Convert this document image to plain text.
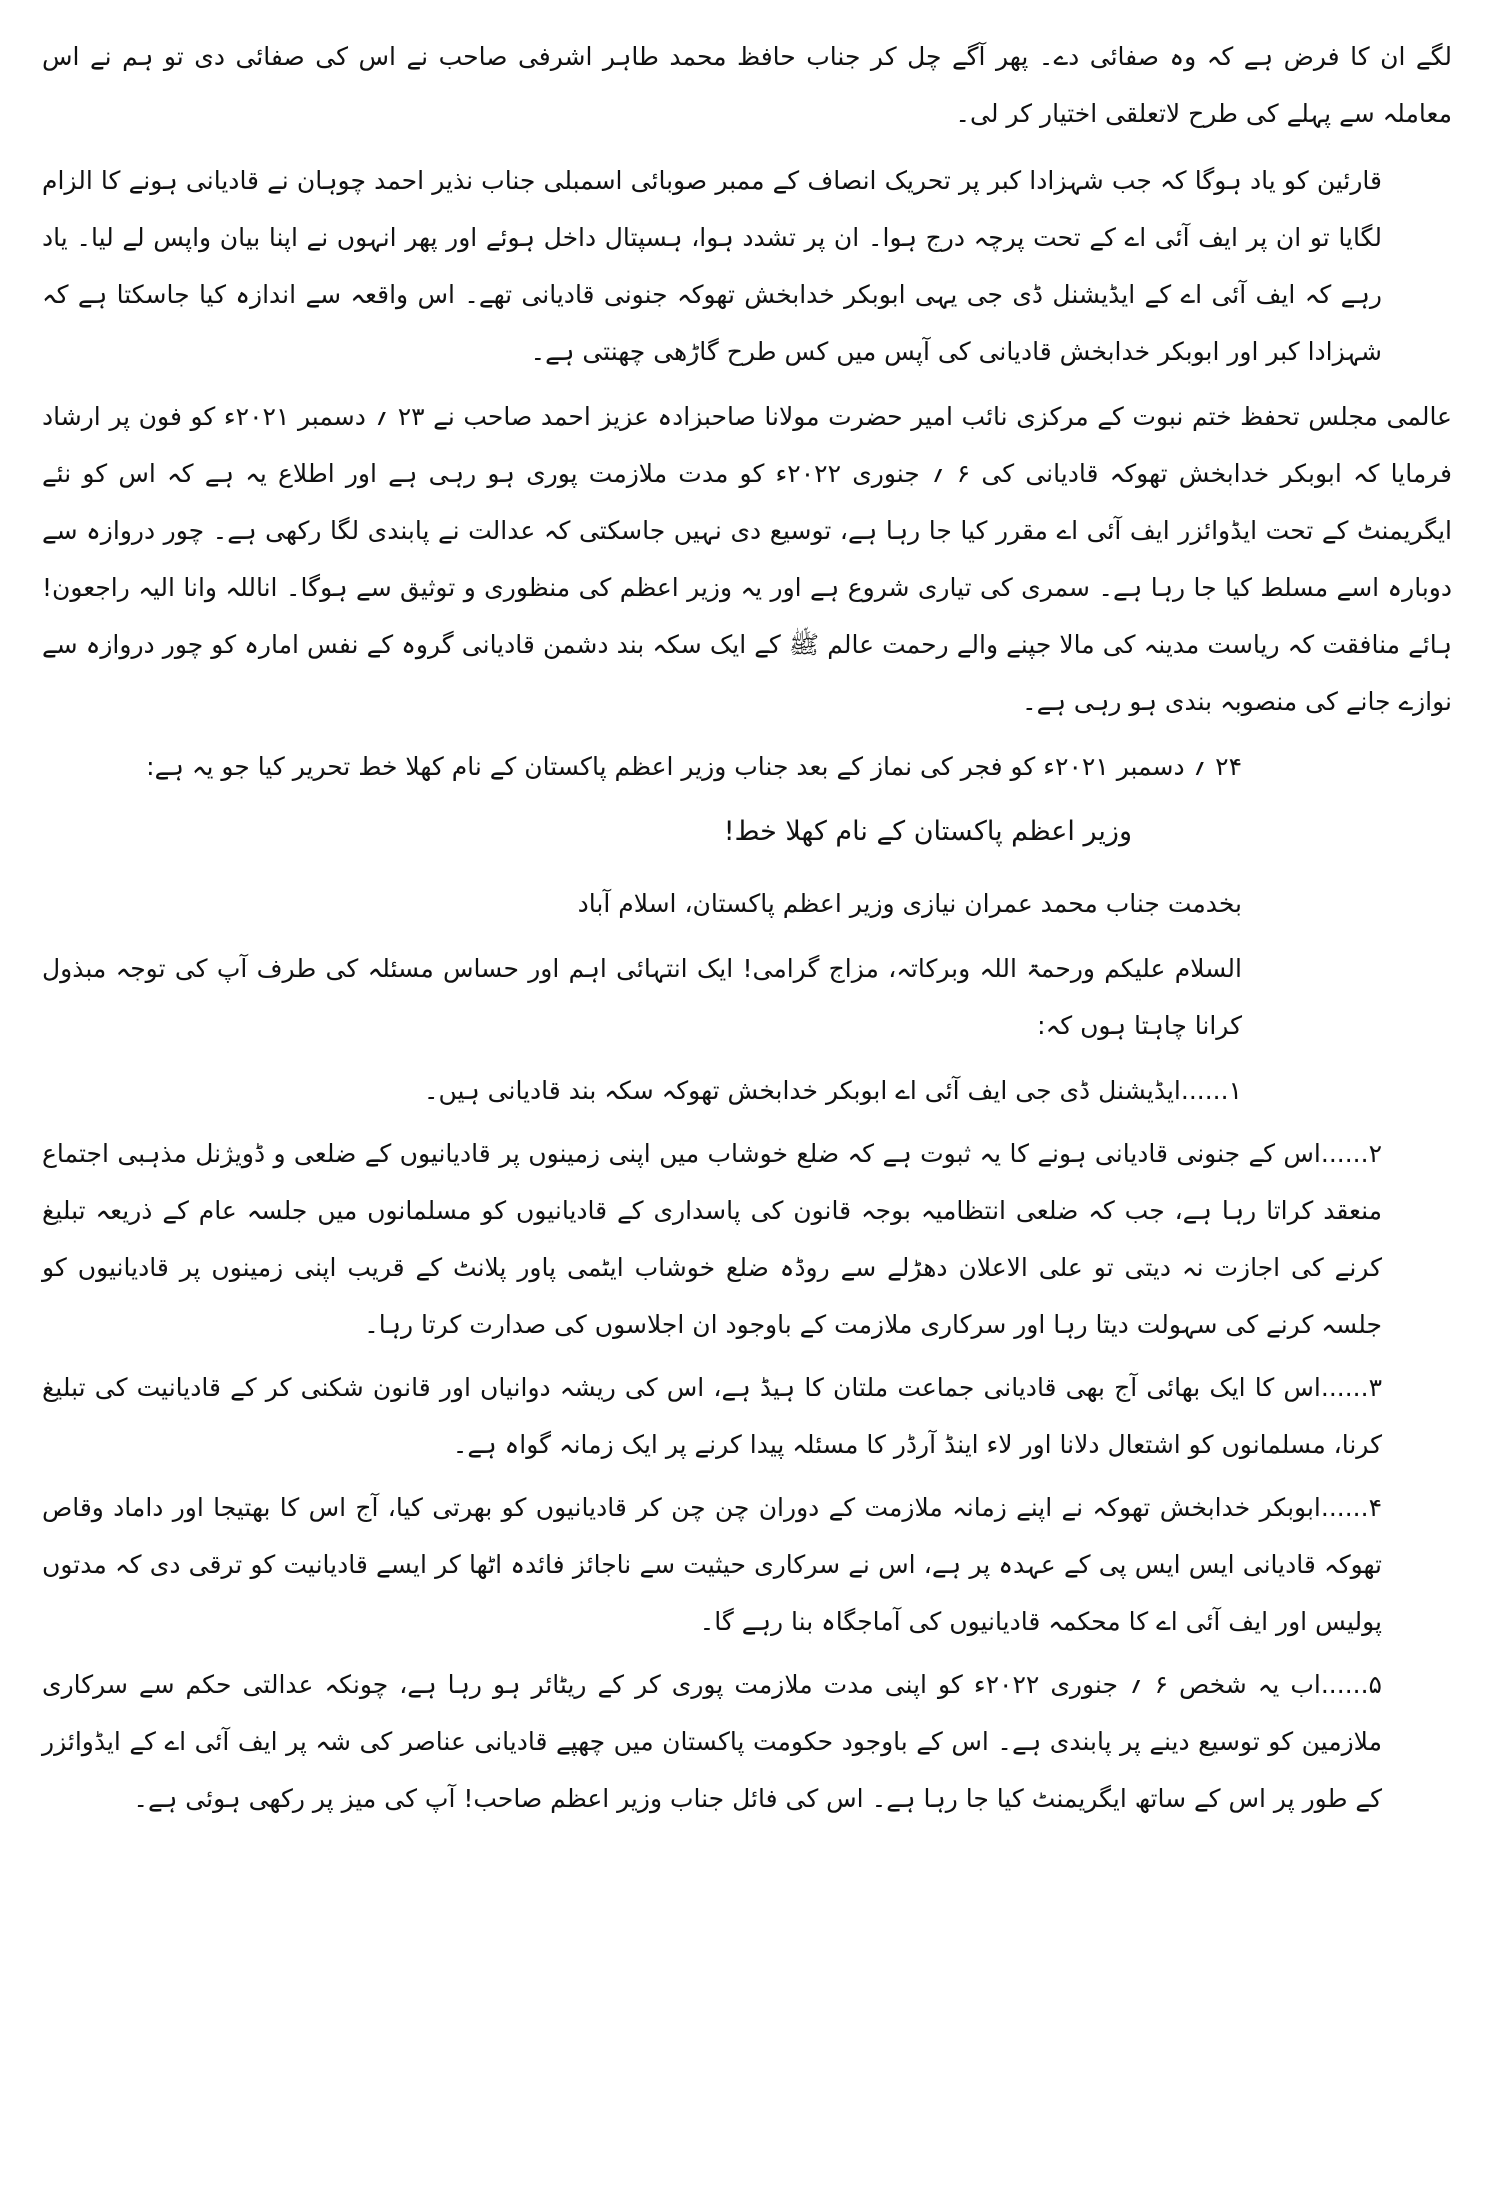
لگے ان کا فرض ہے کہ وہ صفائی دے۔ پھر آگے چل کر جناب حافظ محمد طاہر اشرفی صاحب نے اس کی صفائی دی تو ہم نے اس معاملہ سے پہلے کی طرح لاتعلقی اختیار کر لی۔

قارئین کو یاد ہوگا کہ جب شہزادا کبر پر تحریک انصاف کے ممبر صوبائی اسمبلی جناب نذیر احمد چوہان نے قادیانی ہونے کا الزام لگایا تو ان پر ایف آئی اے کے تحت پرچہ درج ہوا۔ ان پر تشدد ہوا، ہسپتال داخل ہوئے اور پھر انہوں نے اپنا بیان واپس لے لیا۔ یاد رہے کہ ایف آئی اے کے ایڈیشنل ڈی جی یہی ابوبکر خدابخش تھوکہ جنونی قادیانی تھے۔ اس واقعہ سے اندازہ کیا جاسکتا ہے کہ شہزادا کبر اور ابوبکر خدابخش قادیانی کی آپس میں کس طرح گاڑھی چھنتی ہے۔

عالمی مجلس تحفظ ختم نبوت کے مرکزی نائب امیر حضرت مولانا صاحبزادہ عزیز احمد صاحب نے ۲۳ ؍ دسمبر ۲۰۲۱ء کو فون پر ارشاد فرمایا کہ ابوبکر خدابخش تھوکہ قادیانی کی ۶ ؍ جنوری ۲۰۲۲ء کو مدت ملازمت پوری ہو رہی ہے اور اطلاع یہ ہے کہ اس کو نئے ایگریمنٹ کے تحت ایڈوائزر ایف آئی اے مقرر کیا جا رہا ہے، توسیع دی نہیں جاسکتی کہ عدالت نے پابندی لگا رکھی ہے۔ چور دروازہ سے دوبارہ اسے مسلط کیا جا رہا ہے۔ سمری کی تیاری شروع ہے اور یہ وزیر اعظم کی منظوری و توثیق سے ہوگا۔ اناللہ وانا الیہ راجعون! ہائے منافقت کہ ریاست مدینہ کی مالا جپنے والے رحمت عالم ﷺ کے ایک سکہ بند دشمن قادیانی گروہ کے نفس امارہ کو چور دروازہ سے نوازے جانے کی منصوبہ بندی ہو رہی ہے۔

۲۴ ؍ دسمبر ۲۰۲۱ء کو فجر کی نماز کے بعد جناب وزیر اعظم پاکستان کے نام کھلا خط تحریر کیا جو یہ ہے:

وزیر اعظم پاکستان کے نام کھلا خط!

بخدمت جناب محمد عمران نیازی وزیر اعظم پاکستان، اسلام آباد

السلام علیکم ورحمۃ اللہ وبرکاتہ، مزاج گرامی! ایک انتہائی اہم اور حساس مسئلہ کی طرف آپ کی توجہ مبذول کرانا چاہتا ہوں کہ:

۱......ایڈیشنل ڈی جی ایف آئی اے ابوبکر خدابخش تھوکہ سکہ بند قادیانی ہیں۔

۲......اس کے جنونی قادیانی ہونے کا یہ ثبوت ہے کہ ضلع خوشاب میں اپنی زمینوں پر قادیانیوں کے ضلعی و ڈویژنل مذہبی اجتماع منعقد کراتا رہا ہے، جب کہ ضلعی انتظامیہ بوجہ قانون کی پاسداری کے قادیانیوں کو مسلمانوں میں جلسہ عام کے ذریعہ تبلیغ کرنے کی اجازت نہ دیتی تو علی الاعلان دھڑلے سے روڈہ ضلع خوشاب ایٹمی پاور پلانٹ کے قریب اپنی زمینوں پر قادیانیوں کو جلسہ کرنے کی سہولت دیتا رہا اور سرکاری ملازمت کے باوجود ان اجلاسوں کی صدارت کرتا رہا۔

۳......اس کا ایک بھائی آج بھی قادیانی جماعت ملتان کا ہیڈ ہے، اس کی ریشہ دوانیاں اور قانون شکنی کر کے قادیانیت کی تبلیغ کرنا، مسلمانوں کو اشتعال دلانا اور لاء اینڈ آرڈر کا مسئلہ پیدا کرنے پر ایک زمانہ گواہ ہے۔

۴......ابوبکر خدابخش تھوکہ نے اپنے زمانہ ملازمت کے دوران چن چن کر قادیانیوں کو بھرتی کیا، آج اس کا بھتیجا اور داماد وقاص تھوکہ قادیانی ایس ایس پی کے عہدہ پر ہے، اس نے سرکاری حیثیت سے ناجائز فائدہ اٹھا کر ایسے قادیانیت کو ترقی دی کہ مدتوں پولیس اور ایف آئی اے کا محکمہ قادیانیوں کی آماجگاہ بنا رہے گا۔

۵......اب یہ شخص ۶ ؍ جنوری ۲۰۲۲ء کو اپنی مدت ملازمت پوری کر کے ریٹائر ہو رہا ہے، چونکہ عدالتی حکم سے سرکاری ملازمین کو توسیع دینے پر پابندی ہے۔ اس کے باوجود حکومت پاکستان میں چھپے قادیانی عناصر کی شہ پر ایف آئی اے کے ایڈوائزر کے طور پر اس کے ساتھ ایگریمنٹ کیا جا رہا ہے۔ اس کی فائل جناب وزیر اعظم صاحب! آپ کی میز پر رکھی ہوئی ہے۔
